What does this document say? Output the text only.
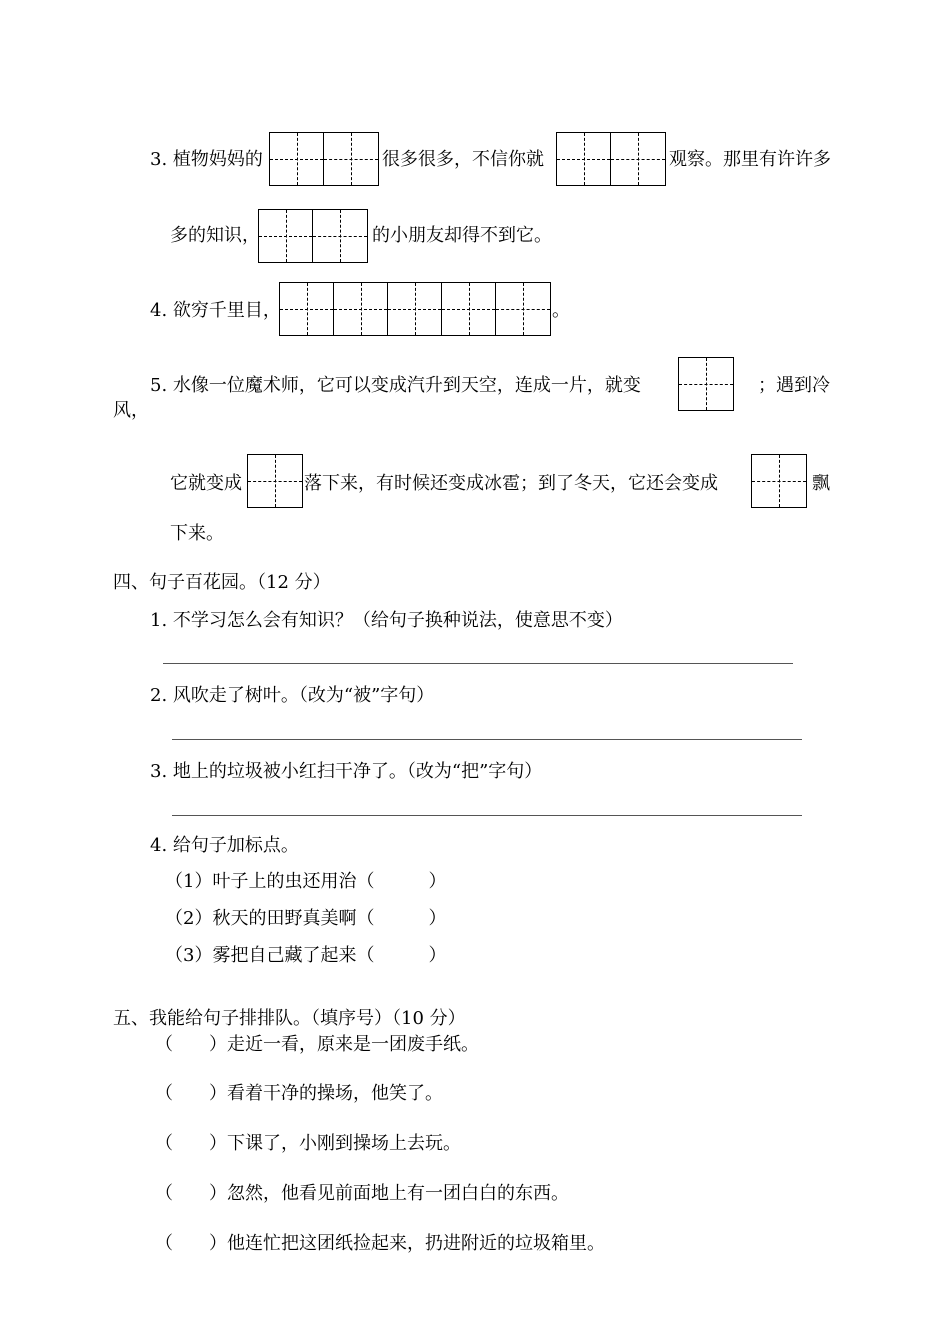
3. 植物妈妈的	很多很多，不信你就	观察。那里有许许多
多的知识，	的小朋友却得不到它。
4. 欲穷千里目，	。
5. 水像一位魔术师，它可以变成汽升到天空，连成一片，就变	；遇到冷
风，
它就变成	落下来，有时候还变成冰雹；到了冬天，它还会变成	飘
下来。
四、句子百花园。（12 分）
1. 不学习怎么会有知识？（给句子换种说法，使意思不变）
2. 风吹走了树叶。（改为“被”字句）
3. 地上的垃圾被小红扫干净了。（改为“把”字句）
4. 给句子加标点。
（1）叶子上的虫还用治（　　　）
（2）秋天的田野真美啊（　　　）
（3）雾把自己藏了起来（　　　）
五、我能给句子排排队。（填序号）（10 分）
（　　）走近一看，原来是一团废手纸。
（　　）看着干净的操场，他笑了。
（　　）下课了，小刚到操场上去玩。
（　　）忽然，他看见前面地上有一团白白的东西。
（　　）他连忙把这团纸捡起来，扔进附近的垃圾箱里。
